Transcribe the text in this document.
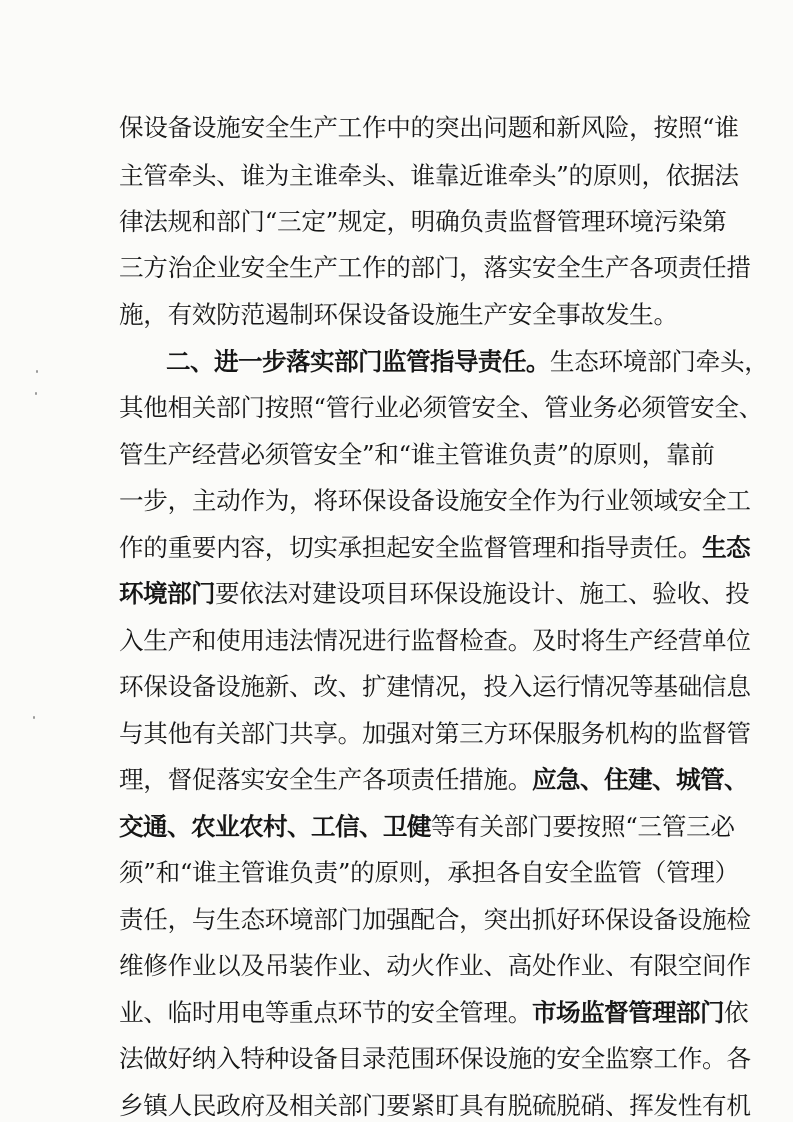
保设备设施安全生产工作中的突出问题和新风险，按照“谁
主管牵头、谁为主谁牵头、谁靠近谁牵头”的原则，依据法
律法规和部门“三定”规定，明确负责监督管理环境污染第
三方治企业安全生产工作的部门，落实安全生产各项责任措
施，有效防范遏制环保设备设施生产安全事故发生。
二、进一步落实部门监管指导责任。生态环境部门牵头，
其他相关部门按照“管行业必须管安全、管业务必须管安全、
管生产经营必须管安全”和“谁主管谁负责”的原则，靠前
一步，主动作为，将环保设备设施安全作为行业领域安全工
作的重要内容，切实承担起安全监督管理和指导责任。生态
环境部门要依法对建设项目环保设施设计、施工、验收、投
入生产和使用违法情况进行监督检查。及时将生产经营单位
环保设备设施新、改、扩建情况，投入运行情况等基础信息
与其他有关部门共享。加强对第三方环保服务机构的监督管
理，督促落实安全生产各项责任措施。应急、住建、城管、
交通、农业农村、工信、卫健等有关部门要按照“三管三必
须”和“谁主管谁负责”的原则，承担各自安全监管（管理）
责任，与生态环境部门加强配合，突出抓好环保设备设施检
维修作业以及吊装作业、动火作业、高处作业、有限空间作
业、临时用电等重点环节的安全管理。市场监督管理部门依
法做好纳入特种设备目录范围环保设施的安全监察工作。各
乡镇人民政府及相关部门要紧盯具有脱硫脱硝、挥发性有机
